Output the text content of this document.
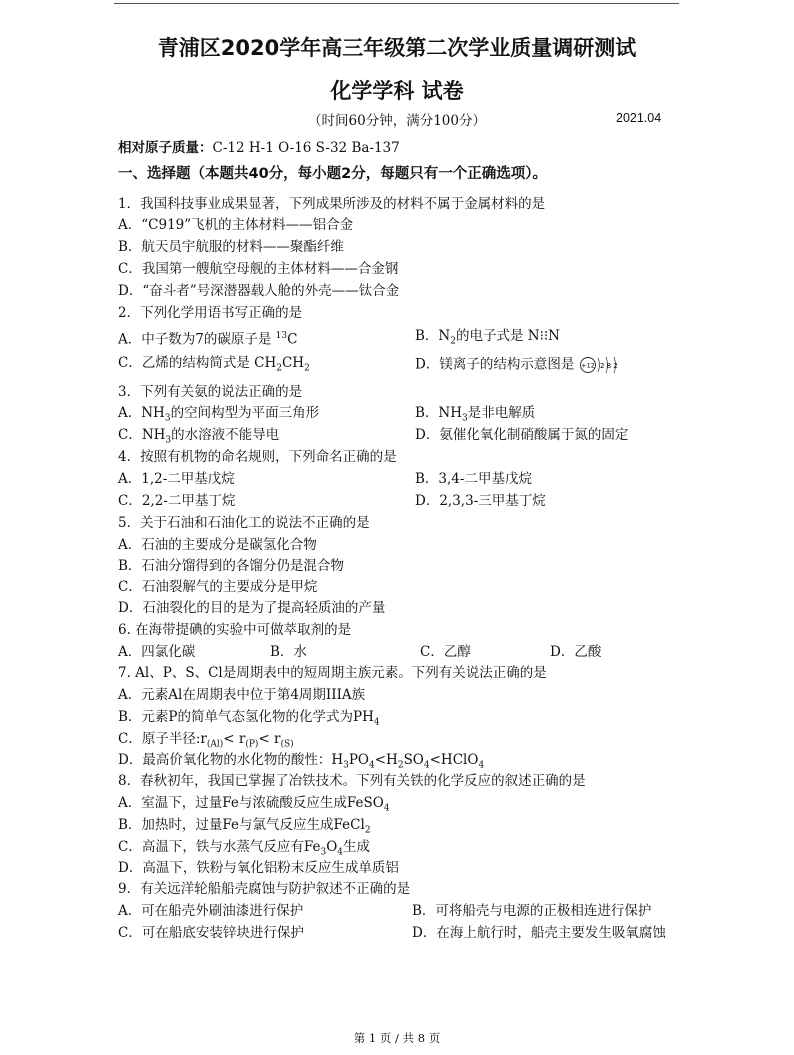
青浦区2020学年高三年级第二次学业质量调研测试
化学学科 试卷
（时间60分钟，满分100分）	2021.04
相对原子质量：C-12 H-1 O-16 S-32 Ba-137
一、选择题（本题共40分，每小题2分，每题只有一个正确选项）。
1．我国科技事业成果显著，下列成果所涉及的材料不属于金属材料的是
A．“C919”飞机的主体材料——铝合金
B．航天员宇航服的材料——聚酯纤维
C．我国第一艘航空母舰的主体材料——合金钢
D．“奋斗者”号深潜器载人舱的外壳——钛合金
2．下列化学用语书写正确的是
A．中子数为7的碳原子是 $^{13}$C	B．$N_2$的电子式是 N⁝⁝N
C．乙烯的结构简式是 $CH_2CH_2$	D．镁离子的结构示意图是 +12 2 8 2
3．下列有关氨的说法正确的是
A．$NH_3$的空间构型为平面三角形	B．$NH_3$是非电解质
C．$NH_3$的水溶液不能导电	D．氨催化氧化制硝酸属于氮的固定
4．按照有机物的命名规则，下列命名正确的是
A．1,2-二甲基戊烷	B．3,4-二甲基戊烷
C．2,2-二甲基丁烷	D．2,3,3-三甲基丁烷
5．关于石油和石油化工的说法不正确的是
A．石油的主要成分是碳氢化合物
B．石油分馏得到的各馏分仍是混合物
C．石油裂解气的主要成分是甲烷
D．石油裂化的目的是为了提高轻质油的产量
6. 在海带提碘的实验中可做萃取剂的是
A．四氯化碳	B．水	C．乙醇	D．乙酸
7. Al、P、S、Cl是周期表中的短周期主族元素。下列有关说法正确的是
A．元素Al在周期表中位于第4周期IIIA族
B．元素P的简单气态氢化物的化学式为$PH_4$
C．原子半径$:r_{(Al)}< r_{(P)}< r_{(S)}$
D．最高价氧化物的水化物的酸性：$H_3PO_4<H_2SO_4<HClO_4$
8．春秋初年，我国已掌握了冶铁技术。下列有关铁的化学反应的叙述正确的是
A．室温下，过量Fe与浓硫酸反应生成FeSO$_4$
B．加热时，过量Fe与氯气反应生成FeCl$_2$
C．高温下，铁与水蒸气反应有$Fe_3O_4$生成
D．高温下，铁粉与氧化铝粉末反应生成单质铝
9．有关远洋轮船船壳腐蚀与防护叙述不正确的是
A．可在船壳外刷油漆进行保护	B．可将船壳与电源的正极相连进行保护
C．可在船底安装锌块进行保护	D．在海上航行时，船壳主要发生吸氧腐蚀
第 1 页 / 共 8 页
